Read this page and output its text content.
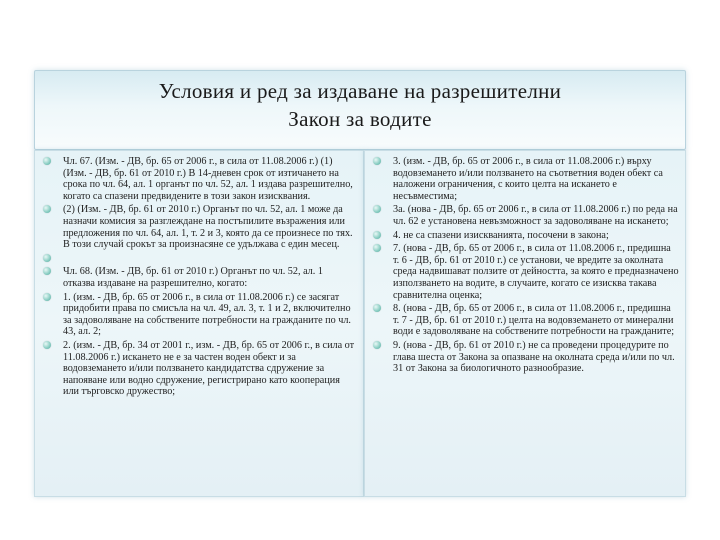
Условия и ред за издаване на разрешителни
Закон за водите
Чл. 67. (Изм. - ДВ, бр. 65 от 2006 г., в сила от 11.08.2006 г.) (1) (Изм. - ДВ, бр. 61 от 2010 г.) В 14-дневен срок от изтичането на срока по чл. 64, ал. 1 органът по чл. 52, ал. 1 издава разрешително, когато са спазени предвидените в този закон изисквания.
(2) (Изм. - ДВ, бр. 61 от 2010 г.) Органът по чл. 52, ал. 1 може да назначи комисия за разглеждане на постъпилите възражения или предложения по чл. 64, ал. 1, т. 2 и 3, която да се произнесе по тях. В този случай срокът за произнасяне се удължава с един месец.
Чл. 68. (Изм. - ДВ, бр. 61 от 2010 г.) Органът по чл. 52, ал. 1 отказва издаване на разрешително, когато:
1. (изм. - ДВ, бр. 65 от 2006 г., в сила от 11.08.2006 г.) се засягат придобити права по смисъла на чл. 49, ал. 3, т. 1 и 2, включително за задоволяване на собствените потребности на гражданите по чл. 43, ал. 2;
2. (изм. - ДВ, бр. 34 от 2001 г., изм. - ДВ, бр. 65 от 2006 г., в сила от 11.08.2006 г.) искането не е за частен воден обект и за водовземането и/или ползването кандидатства сдружение за напояване или водно сдружение, регистрирано като кооперация или търговско дружество;
3. (изм. - ДВ, бр. 65 от 2006 г., в сила от 11.08.2006 г.) върху водовземането и/или ползването на съответния воден обект са наложени ограничения, с които целта на искането е несъвместима;
3а. (нова - ДВ, бр. 65 от 2006 г., в сила от 11.08.2006 г.) по реда на чл. 62 е установена невъзможност за задоволяване на искането;
4. не са спазени изискванията, посочени в закона;
7. (нова - ДВ, бр. 65 от 2006 г., в сила от 11.08.2006 г., предишна т. 6 - ДВ, бр. 61 от 2010 г.) се установи, че вредите за околната среда надвишават ползите от дейността, за която е предназначено използването на водите, в случаите, когато се изисква такава сравнителна оценка;
8. (нова - ДВ, бр. 65 от 2006 г., в сила от 11.08.2006 г., предишна т. 7 - ДВ, бр. 61 от 2010 г.) целта на водовземането от минерални води е задоволяване на собствените потребности на гражданите;
9. (нова - ДВ, бр. 61 от 2010 г.) не са проведени процедурите по глава шеста от Закона за опазване на околната среда и/или по чл. 31 от Закона за биологичното разнообразие.
